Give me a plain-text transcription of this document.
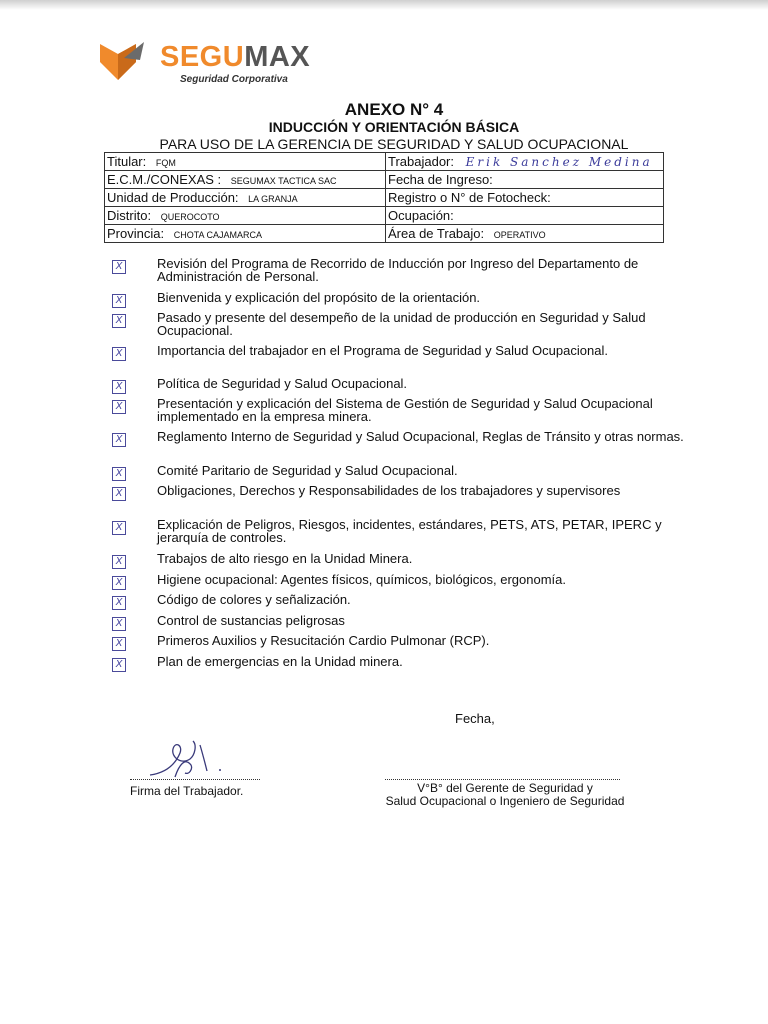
SEGUMAX
Seguridad Corporativa
ANEXO N° 4
INDUCCIÓN Y ORIENTACIÓN BÁSICA
PARA USO DE LA GERENCIA DE SEGURIDAD Y SALUD OCUPACIONAL
Titular: FQM	Trabajador: Erik Sanchez Medina
E.C.M./CONEXAS : SEGUMAX TACTICA SAC	Fecha de Ingreso:
Unidad de Producción: LA GRANJA	Registro o N° de Fotocheck:
Distrito: QUEROCOTO	Ocupación:
Provincia: CHOTA CAJAMARCA	Área de Trabajo: OPERATIVO
X	Revisión del Programa de Recorrido de Inducción por Ingreso del Departamento de Administración de Personal.
X	Bienvenida y explicación del propósito de la orientación.
X	Pasado y presente del desempeño de la unidad de producción en Seguridad y Salud Ocupacional.
X	Importancia del trabajador en el Programa de Seguridad y Salud Ocupacional.
X	Política de Seguridad y Salud Ocupacional.
X	Presentación y explicación del Sistema de Gestión de Seguridad y Salud Ocupacional implementado en la empresa minera.
X	Reglamento Interno de Seguridad y Salud Ocupacional, Reglas de Tránsito y otras normas.
X	Comité Paritario de Seguridad y Salud Ocupacional.
X	Obligaciones, Derechos y Responsabilidades de los trabajadores y supervisores
X	Explicación de Peligros, Riesgos, incidentes, estándares, PETS, ATS, PETAR, IPERC y jerarquía de controles.
X	Trabajos de alto riesgo en la Unidad Minera.
X	Higiene ocupacional: Agentes físicos, químicos, biológicos, ergonomía.
X	Código de colores y señalización.
X	Control de sustancias peligrosas
X	Primeros Auxilios y Resucitación Cardio Pulmonar (RCP).
X	Plan de emergencias en la Unidad minera.
Fecha,
Firma del Trabajador.	V°B° del Gerente de Seguridad y
Salud Ocupacional o Ingeniero de Seguridad
